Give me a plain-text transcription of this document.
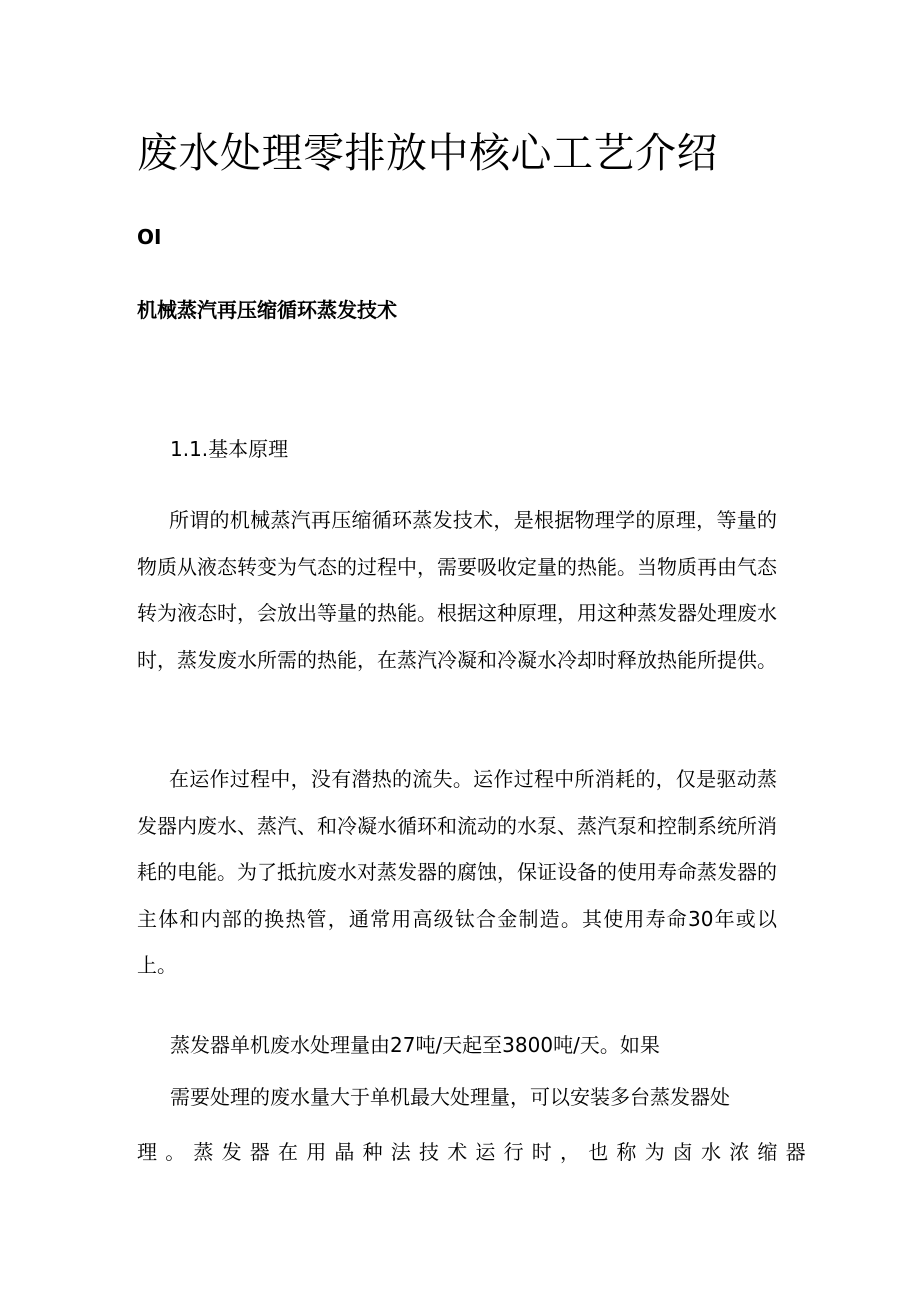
废水处理零排放中核心工艺介绍
OI
机械蒸汽再压缩循环蒸发技术
1.1.基本原理

所谓的机械蒸汽再压缩循环蒸发技术，是根据物理学的原理，等量的物质从液态转变为气态的过程中，需要吸收定量的热能。当物质再由气态转为液态时，会放出等量的热能。根据这种原理，用这种蒸发器处理废水时，蒸发废水所需的热能，在蒸汽冷凝和冷凝水冷却时释放热能所提供。

在运作过程中，没有潜热的流失。运作过程中所消耗的，仅是驱动蒸发器内废水、蒸汽、和冷凝水循环和流动的水泵、蒸汽泵和控制系统所消耗的电能。为了抵抗废水对蒸发器的腐蚀，保证设备的使用寿命蒸发器的主体和内部的换热管，通常用高级钛合金制造。其使用寿命30年或以上。

蒸发器单机废水处理量由27吨/天起至3800吨/天。如果

需要处理的废水量大于单机最大处理量，可以安装多台蒸发器处

理。蒸发器在用晶种法技术运行时，也称为卤水浓缩器
